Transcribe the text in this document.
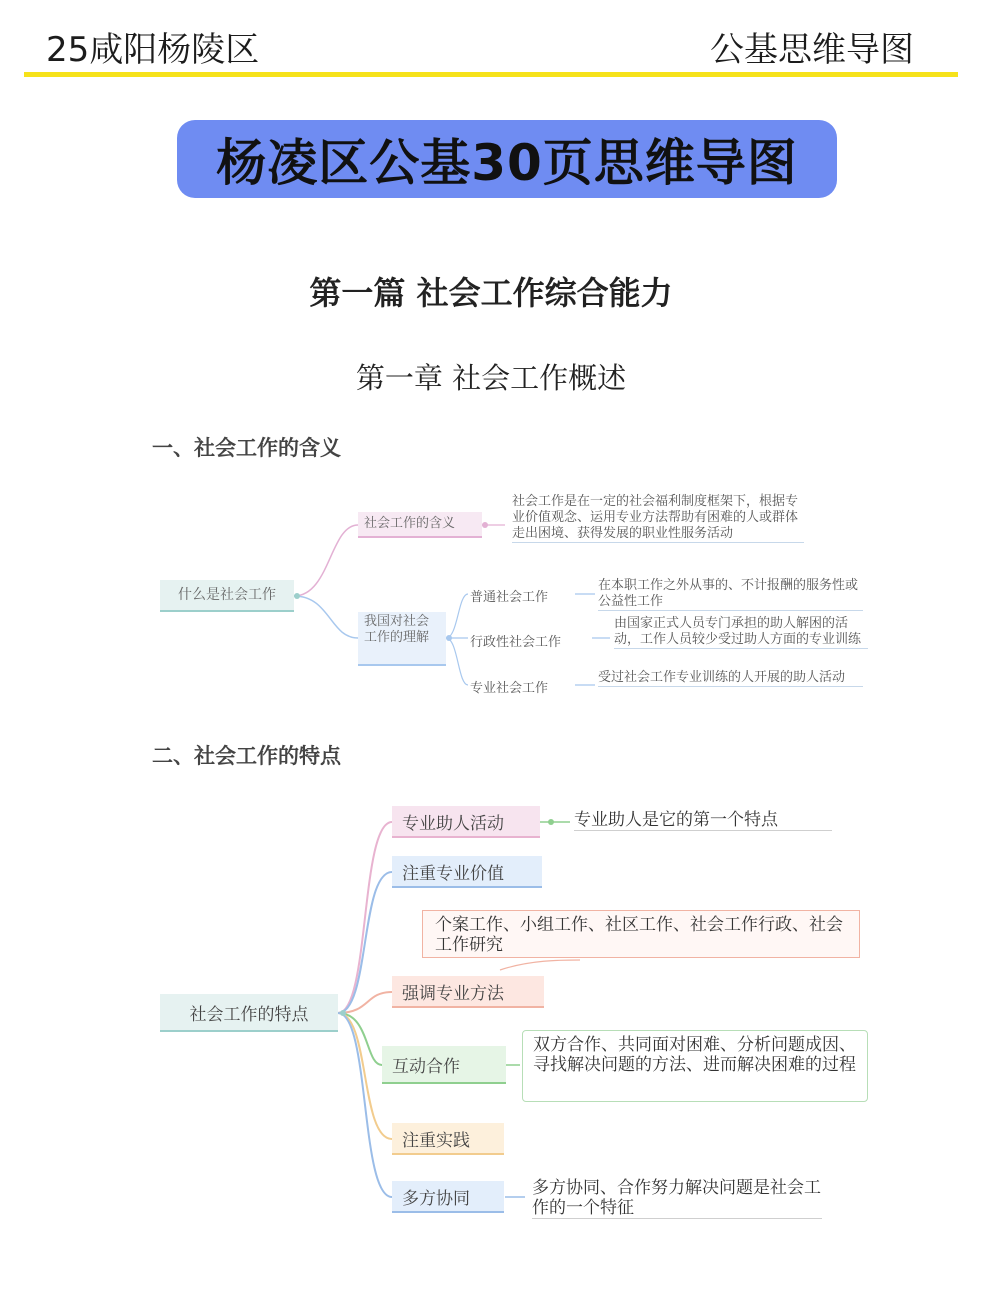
25咸阳杨陵区	公基思维导图
杨凌区公基30页思维导图
第一篇 社会工作综合能力
第一章 社会工作概述
一、社会工作的含义
什么是社会工作
社会工作的含义
社会工作是在一定的社会福利制度框架下，根据专业价值观念、运用专业方法帮助有困难的人或群体走出困境、获得发展的职业性服务活动
我国对社会工作的理解
普通社会工作
在本职工作之外从事的、不计报酬的服务性或公益性工作
行政性社会工作
由国家正式人员专门承担的助人解困的活动，工作人员较少受过助人方面的专业训练
专业社会工作
受过社会工作专业训练的人开展的助人活动
二、社会工作的特点
社会工作的特点
专业助人活动	专业助人是它的第一个特点
注重专业价值
个案工作、小组工作、社区工作、社会工作行政、社会工作研究
强调专业方法
互动合作
双方合作、共同面对困难、分析问题成因、寻找解决问题的方法、进而解决困难的过程
注重实践
多方协同
多方协同、合作努力解决问题是社会工作的一个特征
